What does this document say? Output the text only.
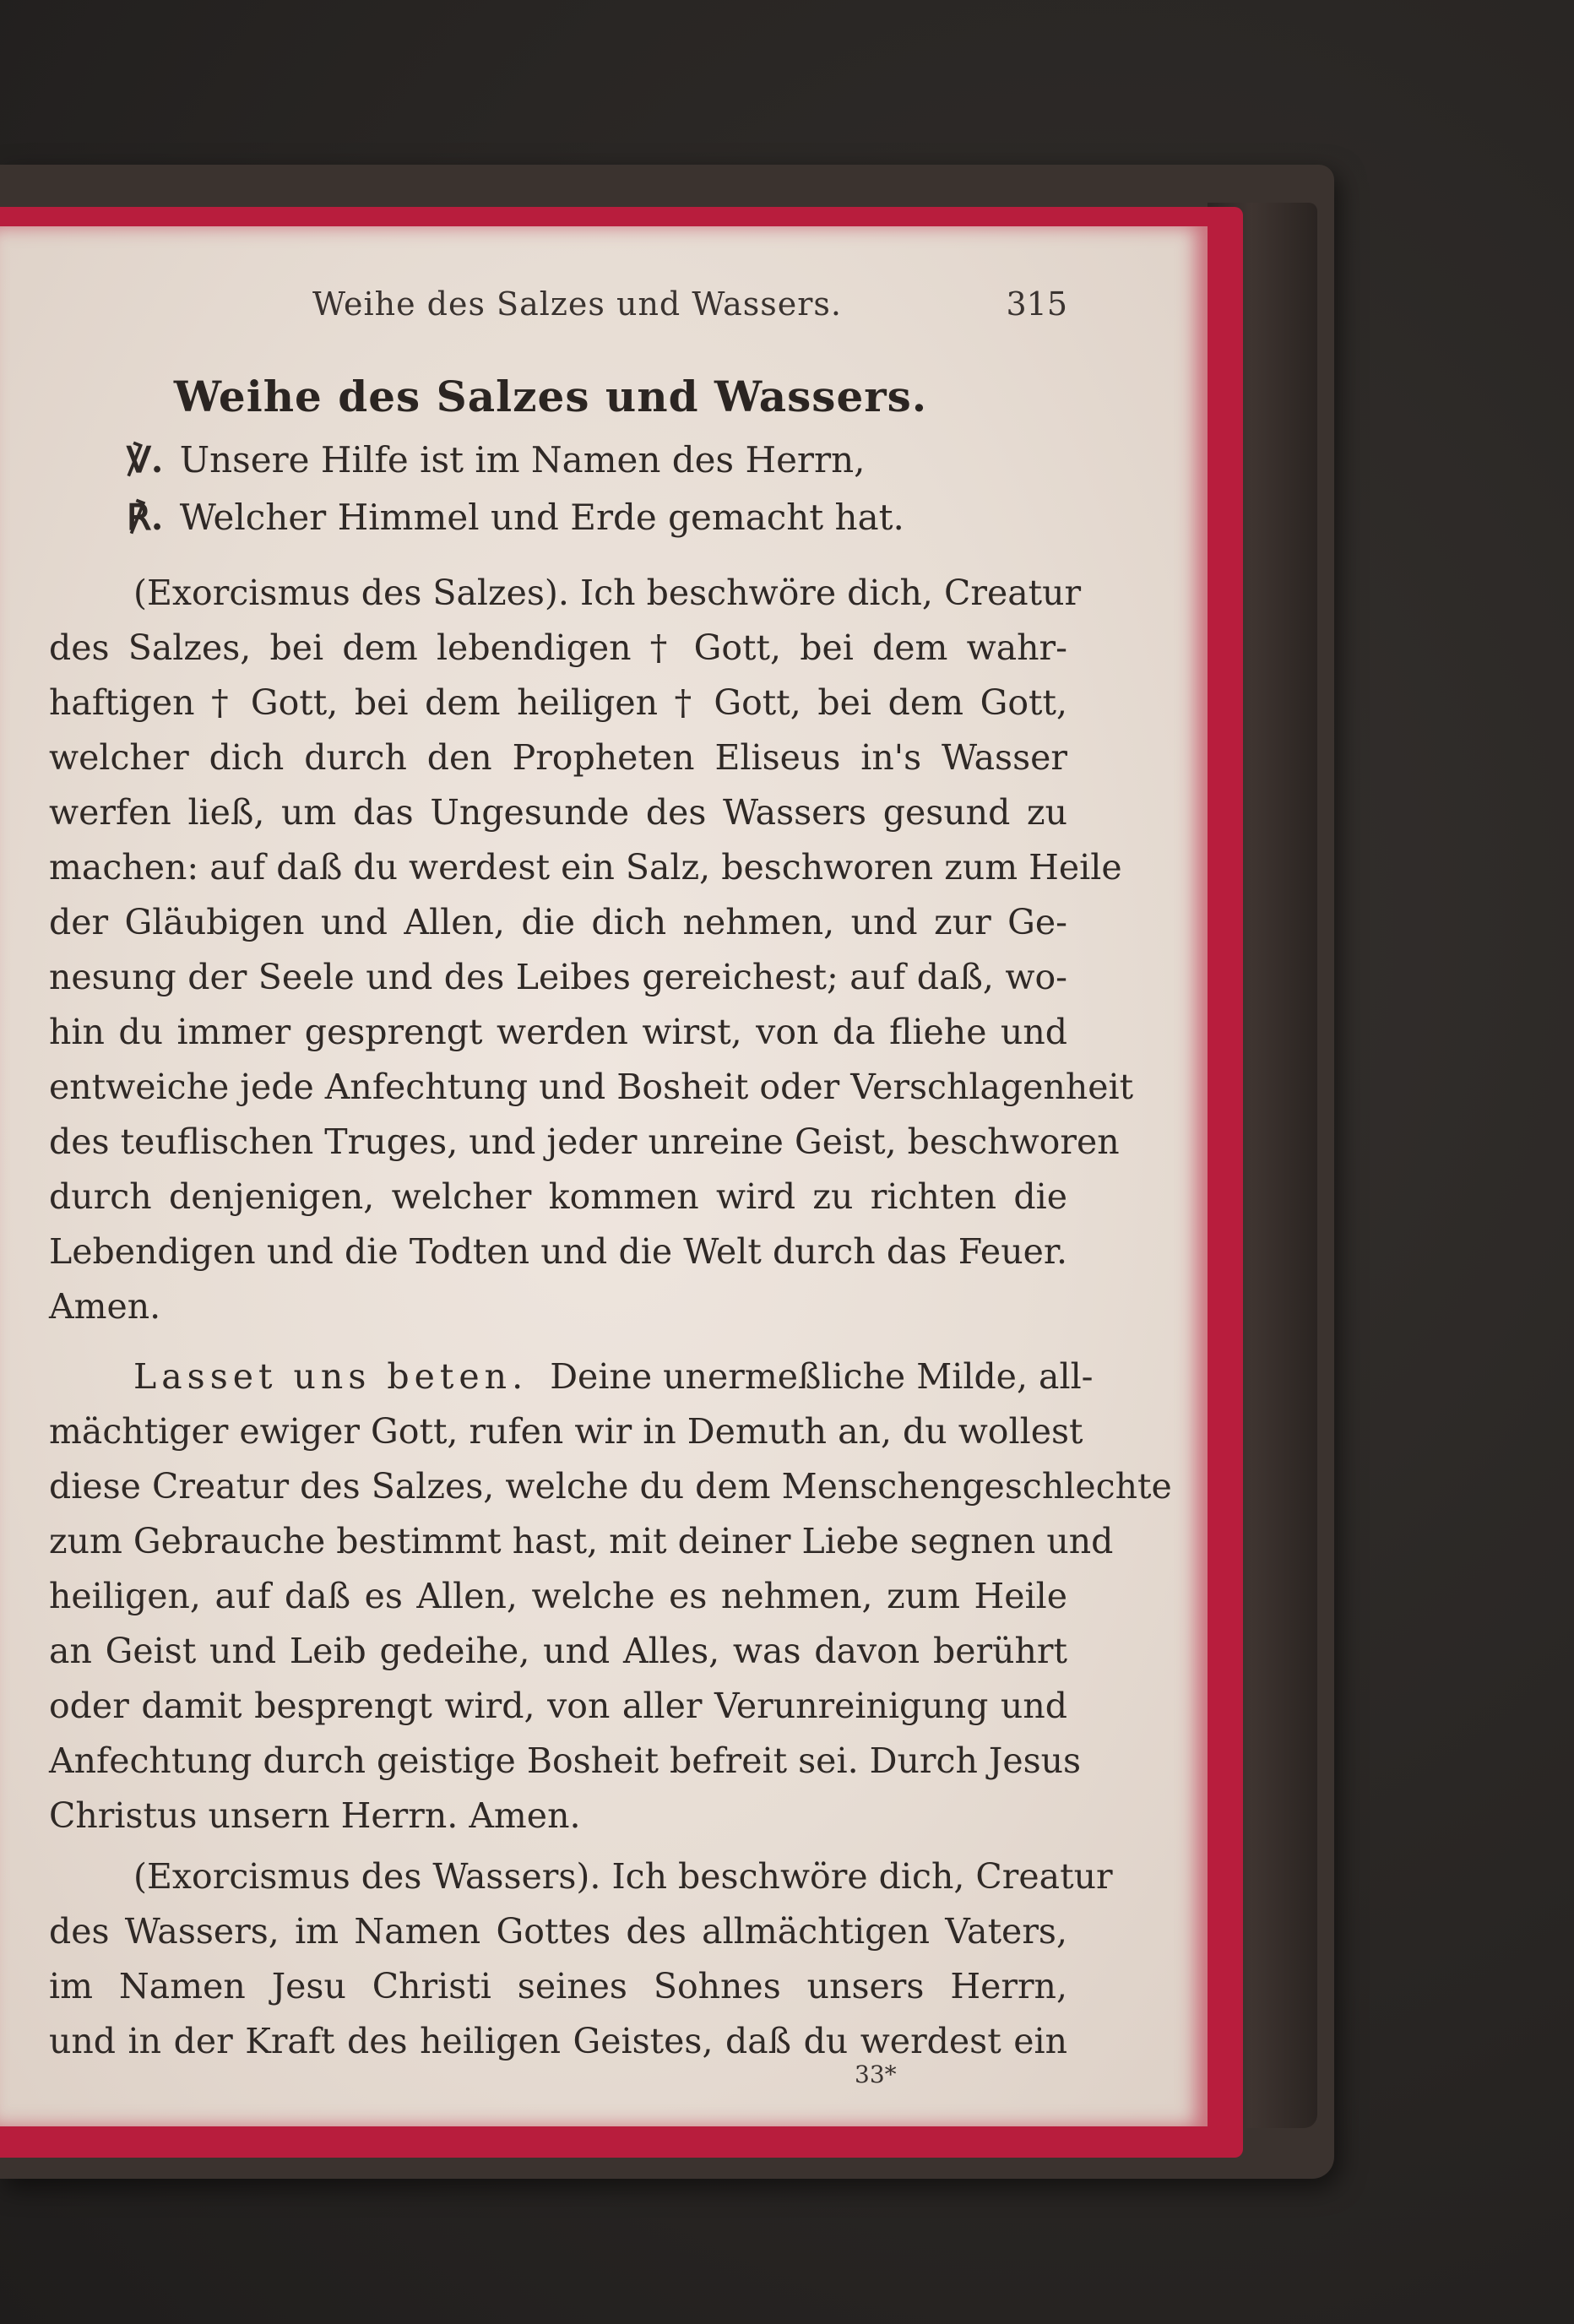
Weihe des Salzes und Wassers.	315
Weihe des Salzes und Wassers.
℣. Unsere Hilfe ist im Namen des Herrn,
℟. Welcher Himmel und Erde gemacht hat.
(Exorcismus des Salzes). Ich beschwöre dich, Creatur
des Salzes, bei dem lebendigen † Gott, bei dem wahr-
haftigen † Gott, bei dem heiligen † Gott, bei dem Gott,
welcher dich durch den Propheten Eliseus in's Wasser
werfen ließ, um das Ungesunde des Wassers gesund zu
machen: auf daß du werdest ein Salz, beschworen zum Heile
der Gläubigen und Allen, die dich nehmen, und zur Ge-
nesung der Seele und des Leibes gereichest; auf daß, wo-
hin du immer gesprengt werden wirst, von da fliehe und
entweiche jede Anfechtung und Bosheit oder Verschlagenheit
des teuflischen Truges, und jeder unreine Geist, beschworen
durch denjenigen, welcher kommen wird zu richten die
Lebendigen und die Todten und die Welt durch das Feuer.
Amen.
Lasset uns beten. Deine unermeßliche Milde, all-
mächtiger ewiger Gott, rufen wir in Demuth an, du wollest
diese Creatur des Salzes, welche du dem Menschengeschlechte
zum Gebrauche bestimmt hast, mit deiner Liebe segnen und
heiligen, auf daß es Allen, welche es nehmen, zum Heile
an Geist und Leib gedeihe, und Alles, was davon berührt
oder damit besprengt wird, von aller Verunreinigung und
Anfechtung durch geistige Bosheit befreit sei. Durch Jesus
Christus unsern Herrn. Amen.
(Exorcismus des Wassers). Ich beschwöre dich, Creatur
des Wassers, im Namen Gottes des allmächtigen Vaters,
im Namen Jesu Christi seines Sohnes unsers Herrn,
und in der Kraft des heiligen Geistes, daß du werdest ein
33*
